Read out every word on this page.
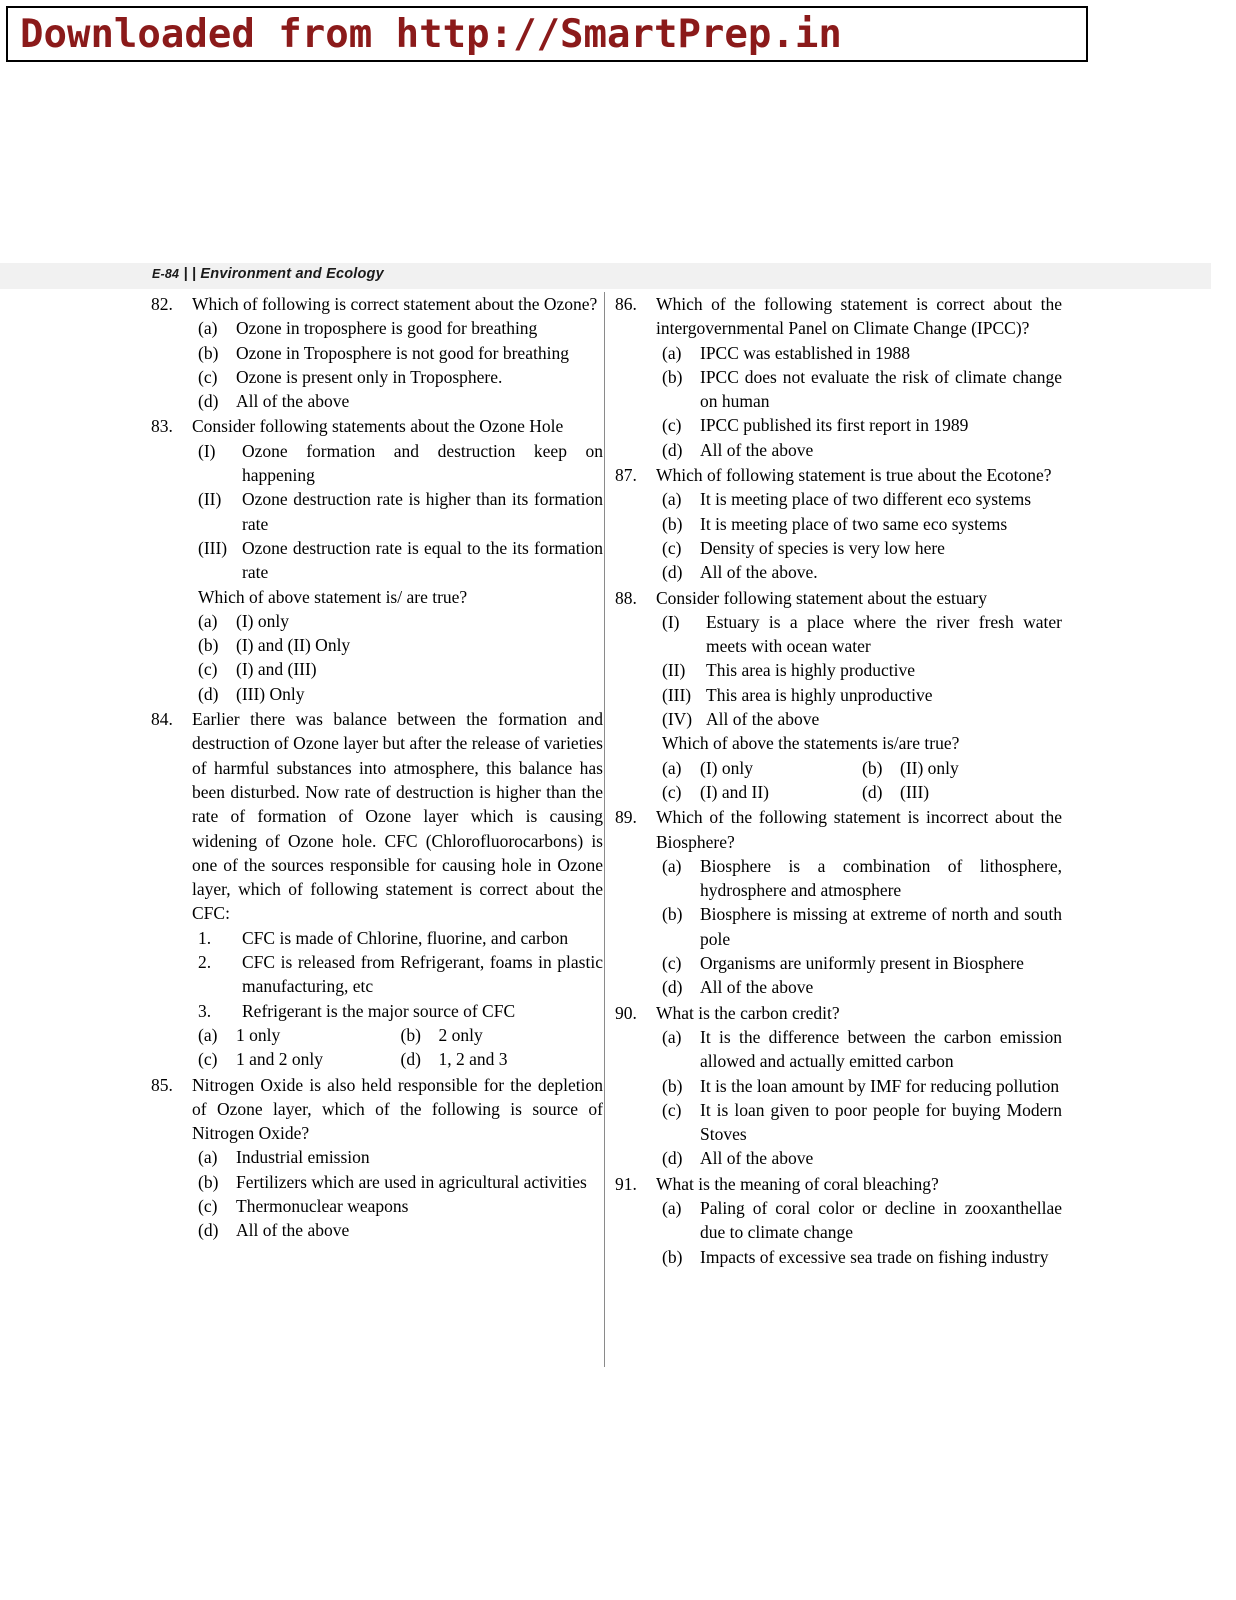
Downloaded from http://SmartPrep.in
E-84 | | Environment and Ecology
82.	Which of following is correct statement about the Ozone?
(a)	Ozone in troposphere is good for breathing
(b)	Ozone in Troposphere is not good for breathing
(c)	Ozone is present only in Troposphere.
(d)	All of the above
83.	Consider following statements about the Ozone Hole
(I)	Ozone formation and destruction keep on happening
(II)	Ozone destruction rate is higher than its formation rate
(III) Ozone destruction rate is equal to the its formation rate
Which of above statement is/ are true?
(a)	(I) only
(b)	(I) and (II) Only
(c)	(I) and (III)
(d)	(III) Only
84.	Earlier there was balance between the formation and destruction of Ozone layer but after the release of varieties of harmful substances into atmosphere, this balance has been disturbed. Now rate of destruction is higher than the rate of formation of Ozone layer which is causing widening of Ozone hole. CFC (Chlorofluorocarbons) is one of the sources responsible for causing hole in Ozone layer, which of following statement is correct about the CFC:
1.	CFC is made of Chlorine, fluorine, and carbon
2.	CFC is released from Refrigerant, foams in plastic manufacturing, etc
3.	Refrigerant is the major source of CFC
(a)	1 only	(b)	2 only
(c)	1 and 2 only	(d)	1, 2 and 3
85.	Nitrogen Oxide is also held responsible for the depletion of Ozone layer, which of the following is source of Nitrogen Oxide?
(a)	Industrial emission
(b)	Fertilizers which are used in agricultural activities
(c)	Thermonuclear weapons
(d)	All of the above
86.	Which of the following statement is correct about the intergovernmental Panel on Climate Change (IPCC)?
(a)	IPCC was established in 1988
(b)	IPCC does not evaluate the risk of climate change on human
(c)	IPCC published its first report in 1989
(d)	All of the above
87.	Which of following statement is true about the Ecotone?
(a)	It is meeting place of two different eco systems
(b)	It is meeting place of two same eco systems
(c)	Density of species is very low here
(d)	All of the above.
88.	Consider following statement about the estuary
(I)	Estuary is a place where the river fresh water meets with ocean water
(II)	This area is highly productive
(III) This area is highly unproductive
(IV) All of the above
Which of above the statements is/are true?
(a)	(I) only	(b)	(II) only
(c)	(I) and II)	(d)	(III)
89.	Which of the following statement is incorrect about the Biosphere?
(a)	Biosphere is a combination of lithosphere, hydrosphere and atmosphere
(b)	Biosphere is missing at extreme of north and south pole
(c)	Organisms are uniformly present in Biosphere
(d)	All of the above
90.	What is the carbon credit?
(a)	It is the difference between the carbon emission allowed and actually emitted carbon
(b)	It is the loan amount by IMF for reducing pollution
(c)	It is loan given to poor people for buying Modern Stoves
(d)	All of the above
91.	What is the meaning of coral bleaching?
(a)	Paling of coral color or decline in zooxanthellae due to climate change
(b)	Impacts of excessive sea trade on fishing industry
